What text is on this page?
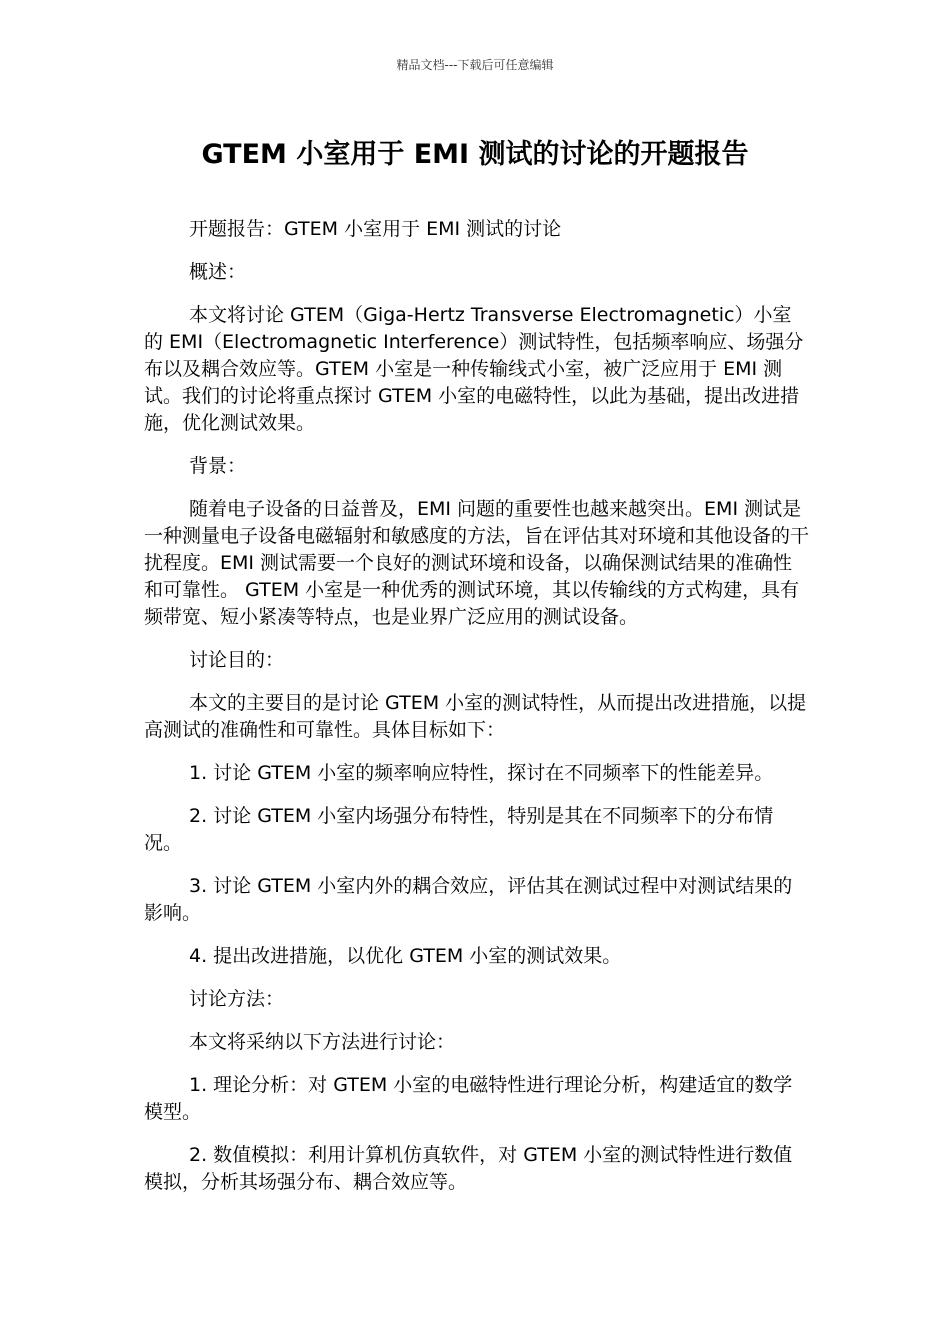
精品文档---下载后可任意编辑
GTEM 小室用于 EMI 测试的讨论的开题报告

开题报告：GTEM 小室用于 EMI 测试的讨论

概述：

本文将讨论 GTEM（Giga-Hertz Transverse Electromagnetic）小室的 EMI（Electromagnetic Interference）测试特性，包括频率响应、场强分布以及耦合效应等。GTEM 小室是一种传输线式小室，被广泛应用于 EMI 测试。我们的讨论将重点探讨 GTEM 小室的电磁特性，以此为基础，提出改进措施，优化测试效果。

背景：

随着电子设备的日益普及，EMI 问题的重要性也越来越突出。EMI 测试是一种测量电子设备电磁辐射和敏感度的方法，旨在评估其对环境和其他设备的干扰程度。EMI 测试需要一个良好的测试环境和设备，以确保测试结果的准确性和可靠性。 GTEM 小室是一种优秀的测试环境，其以传输线的方式构建，具有频带宽、短小紧凑等特点，也是业界广泛应用的测试设备。

讨论目的：

本文的主要目的是讨论 GTEM 小室的测试特性，从而提出改进措施，以提高测试的准确性和可靠性。具体目标如下：

1. 讨论 GTEM 小室的频率响应特性，探讨在不同频率下的性能差异。

2. 讨论 GTEM 小室内场强分布特性，特别是其在不同频率下的分布情况。

3. 讨论 GTEM 小室内外的耦合效应，评估其在测试过程中对测试结果的影响。

4. 提出改进措施，以优化 GTEM 小室的测试效果。

讨论方法：

本文将采纳以下方法进行讨论：

1. 理论分析：对 GTEM 小室的电磁特性进行理论分析，构建适宜的数学模型。

2. 数值模拟：利用计算机仿真软件，对 GTEM 小室的测试特性进行数值模拟，分析其场强分布、耦合效应等。
